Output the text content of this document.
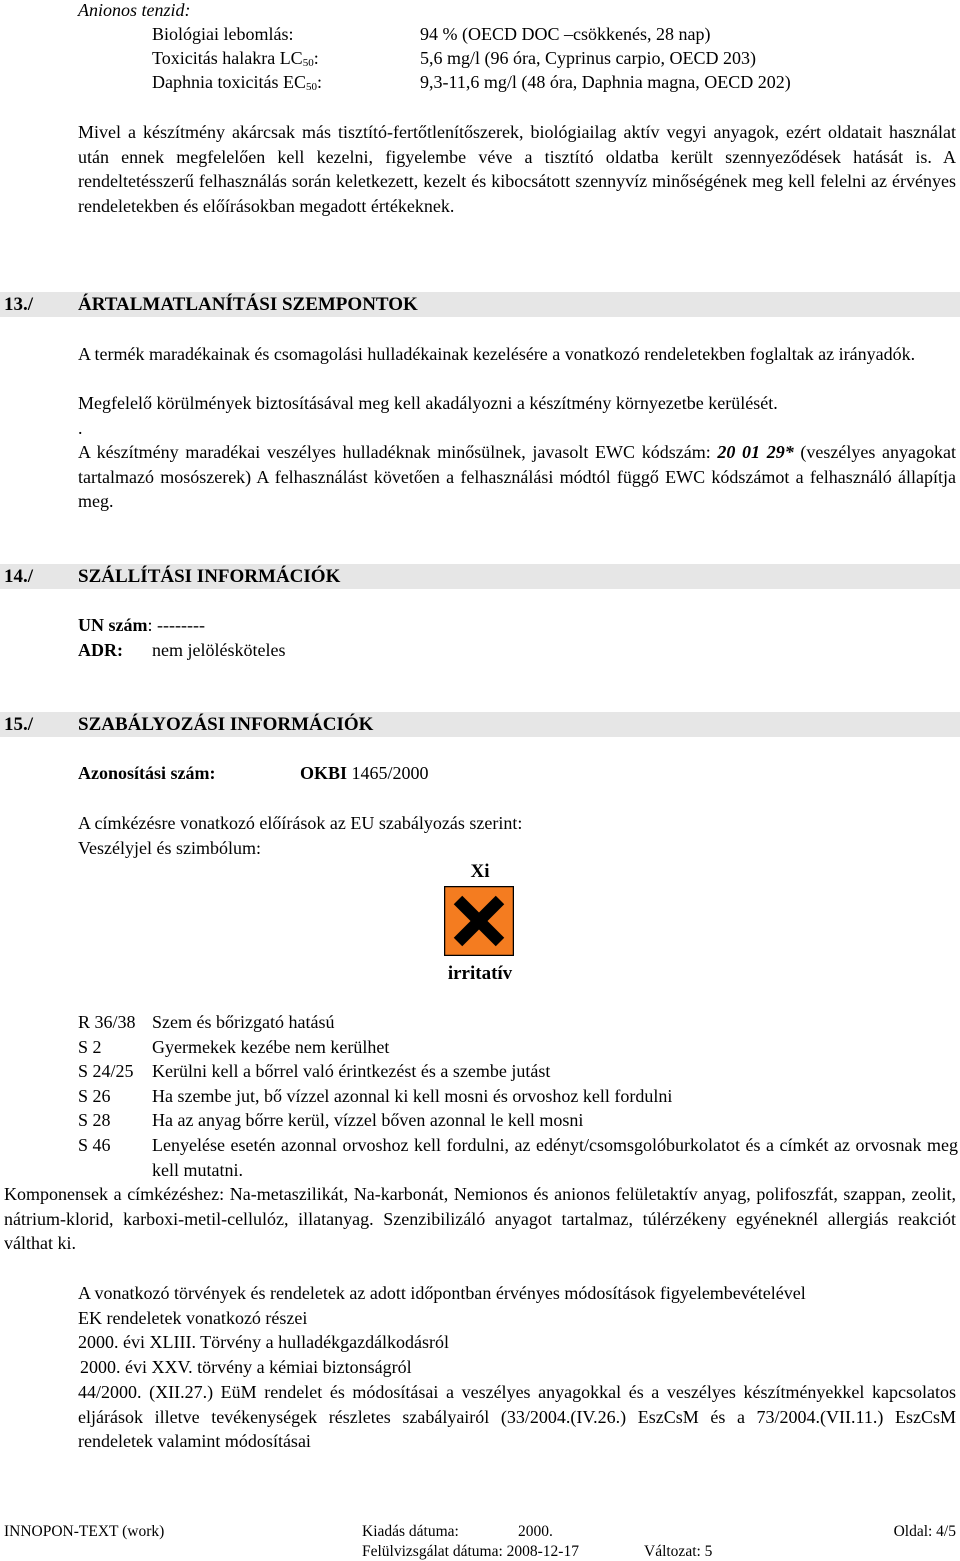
Anionos tenzid:
Biológiai lebomlás:	94 % (OECD DOC –csökkenés, 28 nap)
Toxicitás halakra $LC_{50}$:	5,6 mg/l (96 óra, Cyprinus carpio, OECD 203)
Daphnia toxicitás $EC_{50}$:	9,3-11,6 mg/l (48 óra, Daphnia magna, OECD 202)
Mivel a készítmény akárcsak más tisztító-fertőtlenítőszerek, biológiailag aktív vegyi anyagok, ezért oldatait használat után ennek megfelelően kell kezelni, figyelembe véve a tisztító oldatba került szennyeződések hatását is. A rendeltetésszerű felhasználás során keletkezett, kezelt és kibocsátott szennyvíz minőségének meg kell felelni az érvényes rendeletekben és előírásokban megadott értékeknek.
13./ ÁRTALMATLANÍTÁSI SZEMPONTOK
A termék maradékainak és csomagolási hulladékainak kezelésére a vonatkozó rendeletekben foglaltak az irányadók.
Megfelelő körülmények biztosításával meg kell akadályozni a készítmény környezetbe kerülését.
.
A készítmény maradékai veszélyes hulladéknak minősülnek, javasolt EWC kódszám: 20 01 29* (veszélyes anyagokat tartalmazó mosószerek) A felhasználást követően a felhasználási módtól függő EWC kódszámot a felhasználó állapítja meg.
14./ SZÁLLÍTÁSI INFORMÁCIÓK
UN szám: --------
ADR: nem jelölésköteles
15./ SZABÁLYOZÁSI INFORMÁCIÓK
Azonosítási szám:	OKBI 1465/2000
A címkézésre vonatkozó előírások az EU szabályozás szerint:
Veszélyjel és szimbólum:
Xi
irritatív
R 36/38 Szem és bőrizgató hatású
S 2	Gyermekek kezébe nem kerülhet
S 24/25 Kerülni kell a bőrrel való érintkezést és a szembe jutást
S 26 Ha szembe jut, bő vízzel azonnal ki kell mosni és orvoshoz kell fordulni
S 28 Ha az anyag bőrre kerül, vízzel bőven azonnal le kell mosni
S 46	Lenyelése esetén azonnal orvoshoz kell fordulni, az edényt/csomsgolóburkolatot és a címkét az orvosnak meg kell mutatni.
Komponensek a címkézéshez: Na-metaszilikát, Na-karbonát, Nemionos és anionos felületaktív anyag, polifoszfát, szappan, zeolit, nátrium-klorid, karboxi-metil-cellulóz, illatanyag. Szenzibilizáló anyagot tartalmaz, túlérzékeny egyéneknél allergiás reakciót válthat ki.
A vonatkozó törvények és rendeletek az adott időpontban érvényes módosítások figyelembevételével
EK rendeletek vonatkozó részei
2000. évi XLIII. Törvény a hulladékgazdálkodásról
2000. évi XXV. törvény a kémiai biztonságról
44/2000. (XII.27.) EüM rendelet és módosításai a veszélyes anyagokkal és a veszélyes készítményekkel kapcsolatos eljárások illetve tevékenységek részletes szabályairól (33/2004.(IV.26.) EszCsM és a 73/2004.(VII.11.) EszCsM rendeletek valamint módosításai
INNOPON-TEXT (work)	Kiadás dátuma:	2000.	Oldal: 4/5
Felülvizsgálat dátuma: 2008-12-17	Változat: 5
